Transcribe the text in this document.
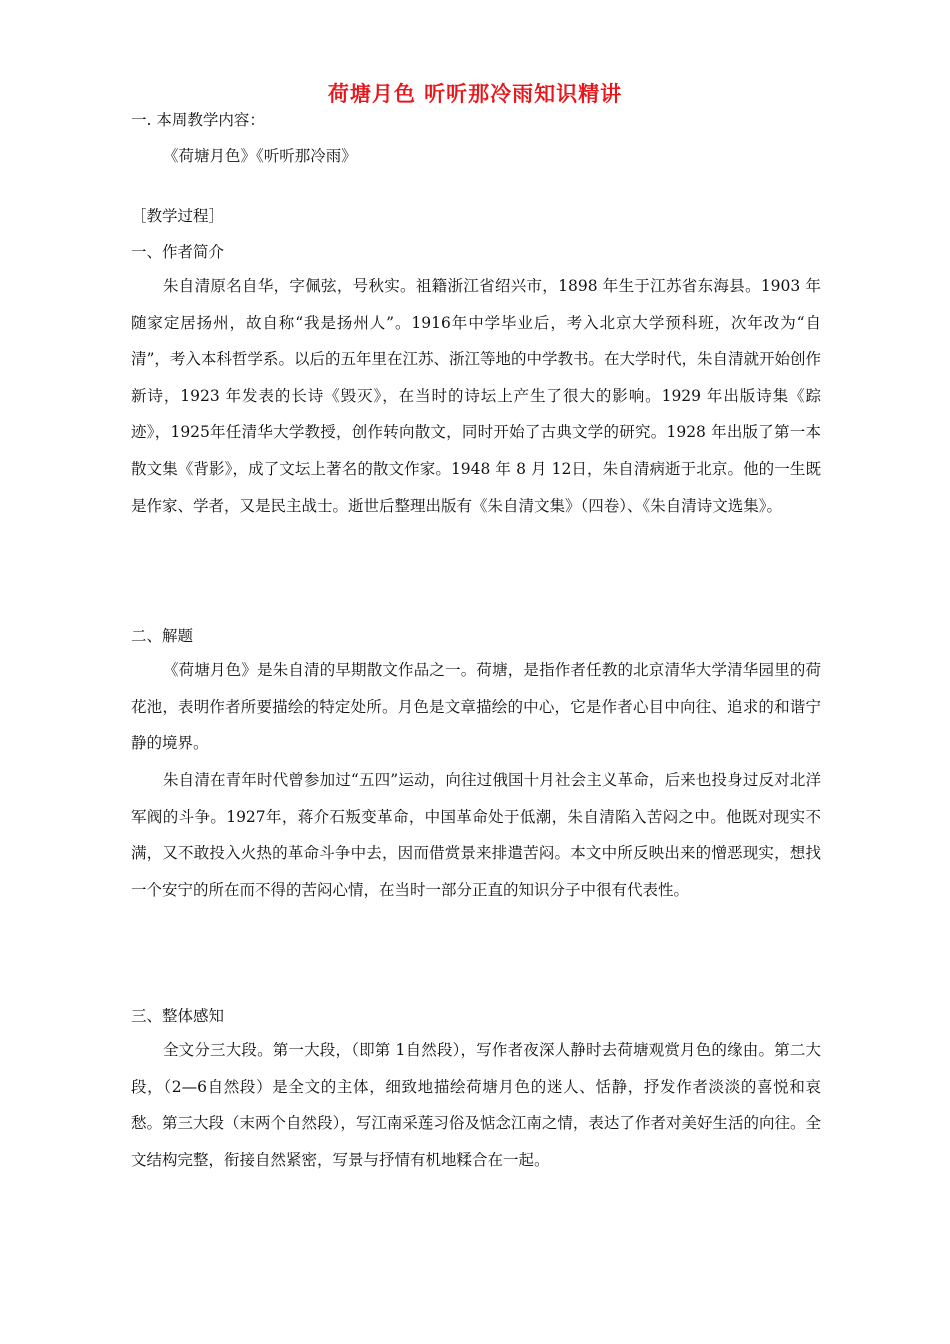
荷塘月色 听听那冷雨知识精讲
一. 本周教学内容：
《荷塘月色》《听听那冷雨》
［教学过程］
一、作者简介

朱自清原名自华，字佩弦，号秋实。祖籍浙江省绍兴市，1898 年生于江苏省东海县。1903 年随家定居扬州，故自称“我是扬州人”。1916年中学毕业后，考入北京大学预科班，次年改为“自清”，考入本科哲学系。以后的五年里在江苏、浙江等地的中学教书。在大学时代，朱自清就开始创作新诗，1923 年发表的长诗《毁灭》，在当时的诗坛上产生了很大的影响。1929 年出版诗集《踪迹》，1925年任清华大学教授，创作转向散文，同时开始了古典文学的研究。1928 年出版了第一本散文集《背影》，成了文坛上著名的散文作家。1948 年 8 月 12日，朱自清病逝于北京。他的一生既是作家、学者，又是民主战士。逝世后整理出版有《朱自清文集》（四卷）、《朱自清诗文选集》。

二、解题

《荷塘月色》是朱自清的早期散文作品之一。荷塘，是指作者任教的北京清华大学清华园里的荷花池，表明作者所要描绘的特定处所。月色是文章描绘的中心，它是作者心目中向往、追求的和谐宁静的境界。

朱自清在青年时代曾参加过“五四”运动，向往过俄国十月社会主义革命，后来也投身过反对北洋军阀的斗争。1927年，蒋介石叛变革命，中国革命处于低潮，朱自清陷入苦闷之中。他既对现实不满，又不敢投入火热的革命斗争中去，因而借赏景来排遣苦闷。本文中所反映出来的憎恶现实，想找一个安宁的所在而不得的苦闷心情，在当时一部分正直的知识分子中很有代表性。

三、整体感知

全文分三大段。第一大段，（即第 1自然段），写作者夜深人静时去荷塘观赏月色的缘由。第二大段，（2—6自然段）是全文的主体，细致地描绘荷塘月色的迷人、恬静，抒发作者淡淡的喜悦和哀愁。第三大段（末两个自然段），写江南采莲习俗及惦念江南之情，表达了作者对美好生活的向往。全文结构完整，衔接自然紧密，写景与抒情有机地糅合在一起。
